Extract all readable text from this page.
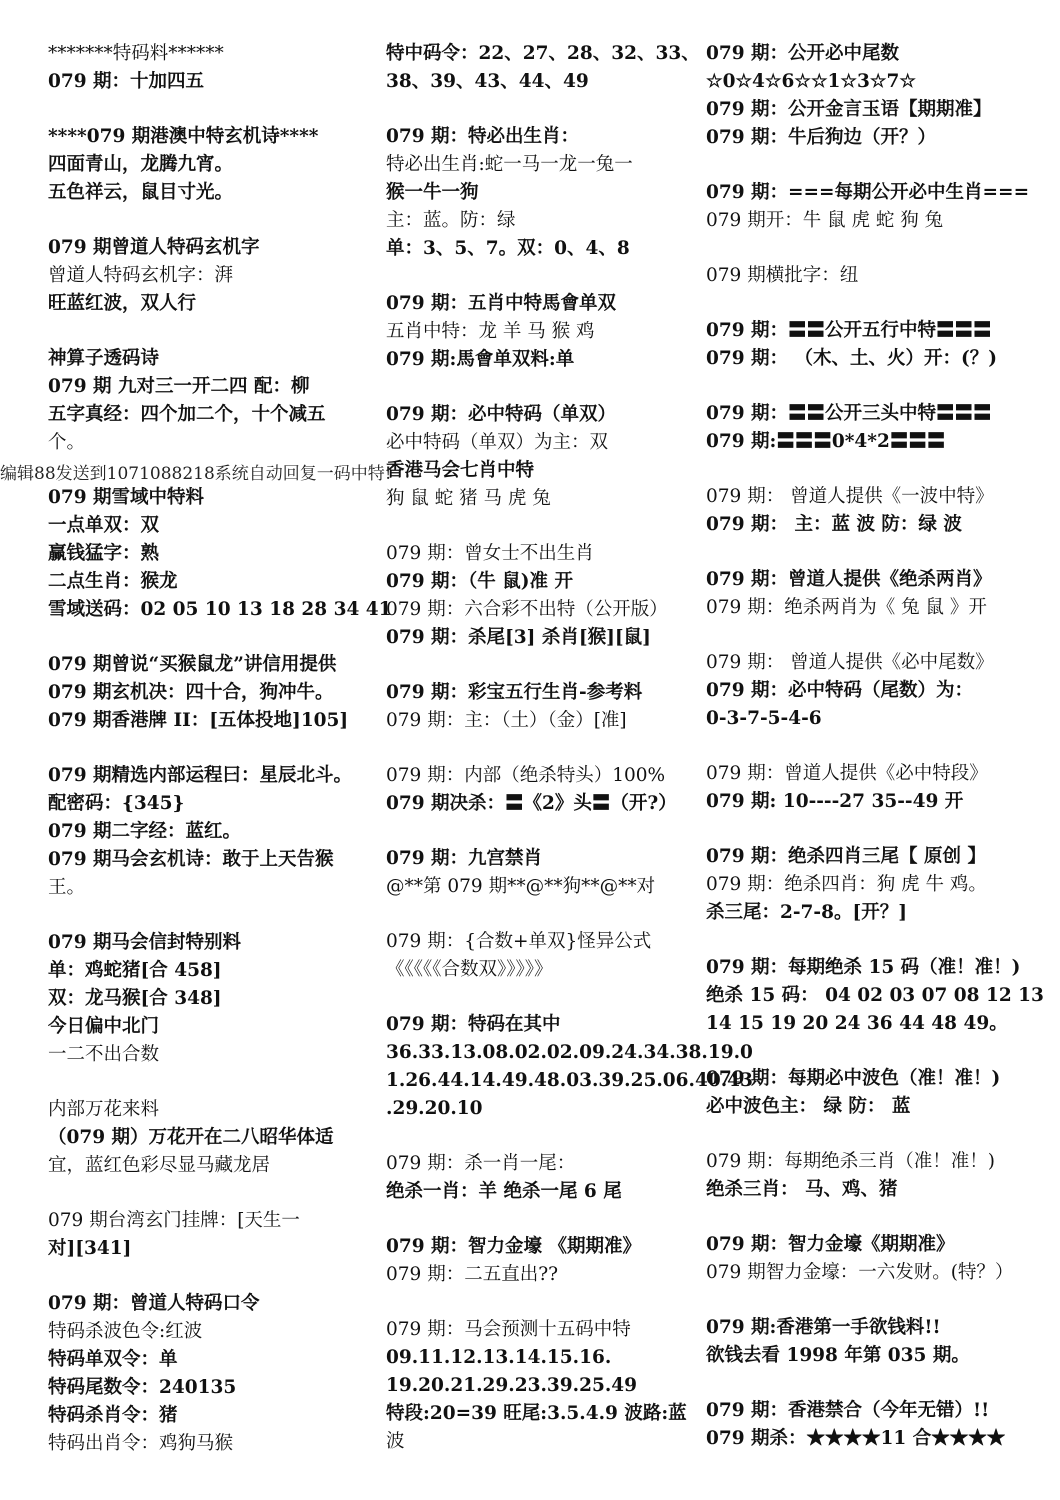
*******特码料******
079 期：十加四五
****079 期港澳中特玄机诗****
四面青山，龙腾九宵。
五色祥云，鼠目寸光。
079 期曾道人特码玄机字
曾道人特码玄机字：湃
旺蓝红波，双人行
神算子透码诗
079 期 九对三一开二四 配：柳
五字真经：四个加二个，十个减五
个。
079 期雪域中特料
一点单双：双
赢钱猛字：熟
二点生肖：猴龙
雪域送码：02 05 10 13 18 28 34 41
079 期曾说“买猴鼠龙”讲信用提供
079 期玄机决：四十合，狗冲牛。
079 期香港牌 II：[五体投地]105]
079 期精选内部运程曰：星辰北斗。
配密码：{345}
079 期二字经：蓝红。
079 期马会玄机诗：敢于上天告猴
王。
079 期马会信封特别料
单：鸡蛇猪[合 458]
双：龙马猴[合 348]
今日偏中北门
一二不出合数
内部万花来料
（079 期）万花开在二八昭华体适
宜，蓝红色彩尽显马藏龙居
079 期台湾玄门挂牌：[天生一
对][341]
079 期：曾道人特码口令
特码杀波色令:红波
特码单双令：单
特码尾数令：240135
特码杀肖令：猪
特码出肖令：鸡狗马猴
特中码令：22、27、28、32、33、
38、39、43、44、49
079 期：特必出生肖：
特必出生肖:蛇一马一龙一兔一
猴一牛一狗
主：蓝。防：绿
单：3、5、7。双：0、4、8
079 期：五肖中特馬會单双
五肖中特：龙 羊 马 猴 鸡
079 期:馬會单双料:单
079 期：必中特码（单双）
必中特码（单双）为主：双
香港马会七肖中特
狗 鼠 蛇 猪 马 虎 兔
079 期：曾女士不出生肖
079 期：（牛 鼠)准 开
079 期：六合彩不出特（公开版）
079 期：杀尾[3] 杀肖[猴][鼠]
079 期：彩宝五行生肖-参考料
079 期：主：（土）（金）[准]
079 期：内部（绝杀特头）100%
079 期决杀：〓《2》头〓（开?）
079 期：九宫禁肖
@**第 079 期**@**狗**@**对
079 期：{合数+单双}怪异公式
《《《《《合数双》》》》》
079 期：特码在其中
36.33.13.08.02.02.09.24.34.38.19.0
1.26.44.14.49.48.03.39.25.06.40.43
.29.20.10
079 期：杀一肖一尾：
绝杀一肖：羊 绝杀一尾 6 尾
079 期：智力金壕 《期期准》
079 期：二五直出??
079 期：马会预测十五码中特
09.11.12.13.14.15.16.
19.20.21.29.23.39.25.49
特段:20=39 旺尾:3.5.4.9 波路:蓝
波
079 期：公开必中尾数
☆0☆4☆6☆☆1☆3☆7☆
079 期：公开金言玉语【期期准】
079 期：牛后狗边（开？）
079 期：===每期公开必中生肖===
079 期开：牛 鼠 虎 蛇 狗 兔
079 期横批字：纽
079 期：〓〓公开五行中特〓〓〓
079 期： （木、土、火）开：(？)
079 期：〓〓公开三头中特〓〓〓
079 期:〓〓〓0*4*2〓〓〓
079 期： 曾道人提供《一波中特》
079 期： 主：蓝 波 防：绿 波
079 期：曾道人提供《绝杀两肖》
079 期：绝杀两肖为《 兔 鼠 》开
079 期： 曾道人提供《必中尾数》
079 期：必中特码（尾数）为：
0-3-7-5-4-6
079 期：曾道人提供《必中特段》
079 期: 10----27 35--49 开
079 期：绝杀四肖三尾【 原创 】
079 期：绝杀四肖：狗 虎 牛 鸡。
杀三尾：2-7-8。[开？]
079 期：每期绝杀 15 码（准！准！)
绝杀 15 码： 04 02 03 07 08 12 13
14 15 19 20 24 36 44 48 49。
079 期：每期必中波色（准！准！)
必中波色主： 绿 防： 蓝
079 期：每期绝杀三肖（准！准！)
绝杀三肖： 马、鸡、猪
079 期：智力金壕《期期准》
079 期智力金壕：一六发财。(特？）
079 期:香港第一手欲钱料!!
欲钱去看 1998 年第 035 期。
079 期：香港禁合（今年无错）!!
079 期杀：★★★★11 合★★★★
编辑88发送到1071088218系统自动回复一码中特!
